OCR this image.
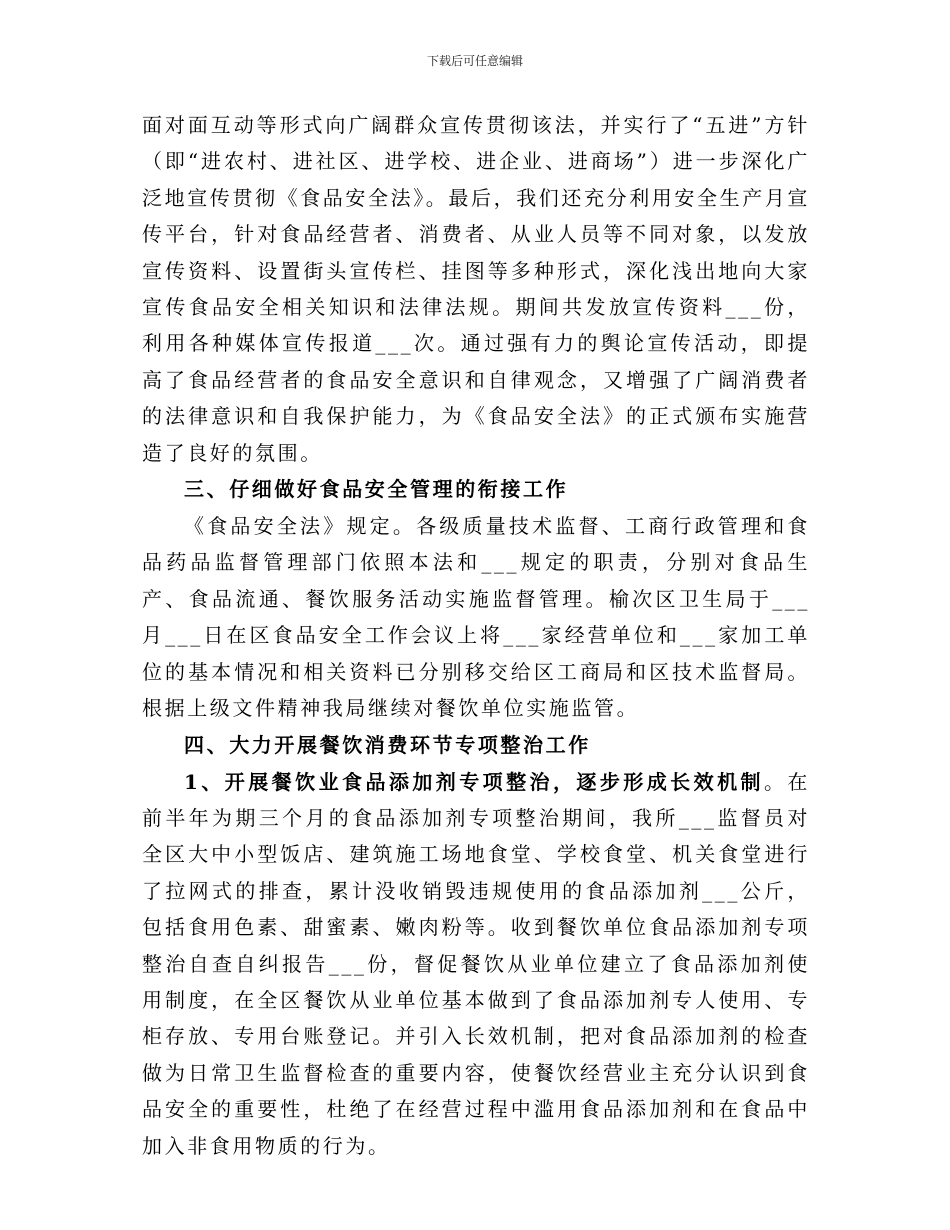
下载后可任意编辑

面对面互动等形式向广阔群众宣传贯彻该法，并实行了“五进”方针（即“进农村、进社区、进学校、进企业、进商场”）进一步深化广泛地宣传贯彻《食品安全法》。最后，我们还充分利用安全生产月宣传平台，针对食品经营者、消费者、从业人员等不同对象，以发放宣传资料、设置街头宣传栏、挂图等多种形式，深化浅出地向大家宣传食品安全相关知识和法律法规。期间共发放宣传资料___份，利用各种媒体宣传报道___次。通过强有力的舆论宣传活动，即提高了食品经营者的食品安全意识和自律观念，又增强了广阔消费者的法律意识和自我保护能力，为《食品安全法》的正式颁布实施营造了良好的氛围。

三、仔细做好食品安全管理的衔接工作

《食品安全法》规定。各级质量技术监督、工商行政管理和食品药品监督管理部门依照本法和___规定的职责，分别对食品生产、食品流通、餐饮服务活动实施监督管理。榆次区卫生局于___月___日在区食品安全工作会议上将___家经营单位和___家加工单位的基本情况和相关资料已分别移交给区工商局和区技术监督局。根据上级文件精神我局继续对餐饮单位实施监管。

四、大力开展餐饮消费环节专项整治工作

1、开展餐饮业食品添加剂专项整治，逐步形成长效机制。在前半年为期三个月的食品添加剂专项整治期间，我所___监督员对全区大中小型饭店、建筑施工场地食堂、学校食堂、机关食堂进行了拉网式的排查，累计没收销毁违规使用的食品添加剂___公斤，包括食用色素、甜蜜素、嫩肉粉等。收到餐饮单位食品添加剂专项整治自查自纠报告___份，督促餐饮从业单位建立了食品添加剂使用制度，在全区餐饮从业单位基本做到了食品添加剂专人使用、专柜存放、专用台账登记。并引入长效机制，把对食品添加剂的检查做为日常卫生监督检查的重要内容，使餐饮经营业主充分认识到食品安全的重要性，杜绝了在经营过程中滥用食品添加剂和在食品中加入非食用物质的行为。
